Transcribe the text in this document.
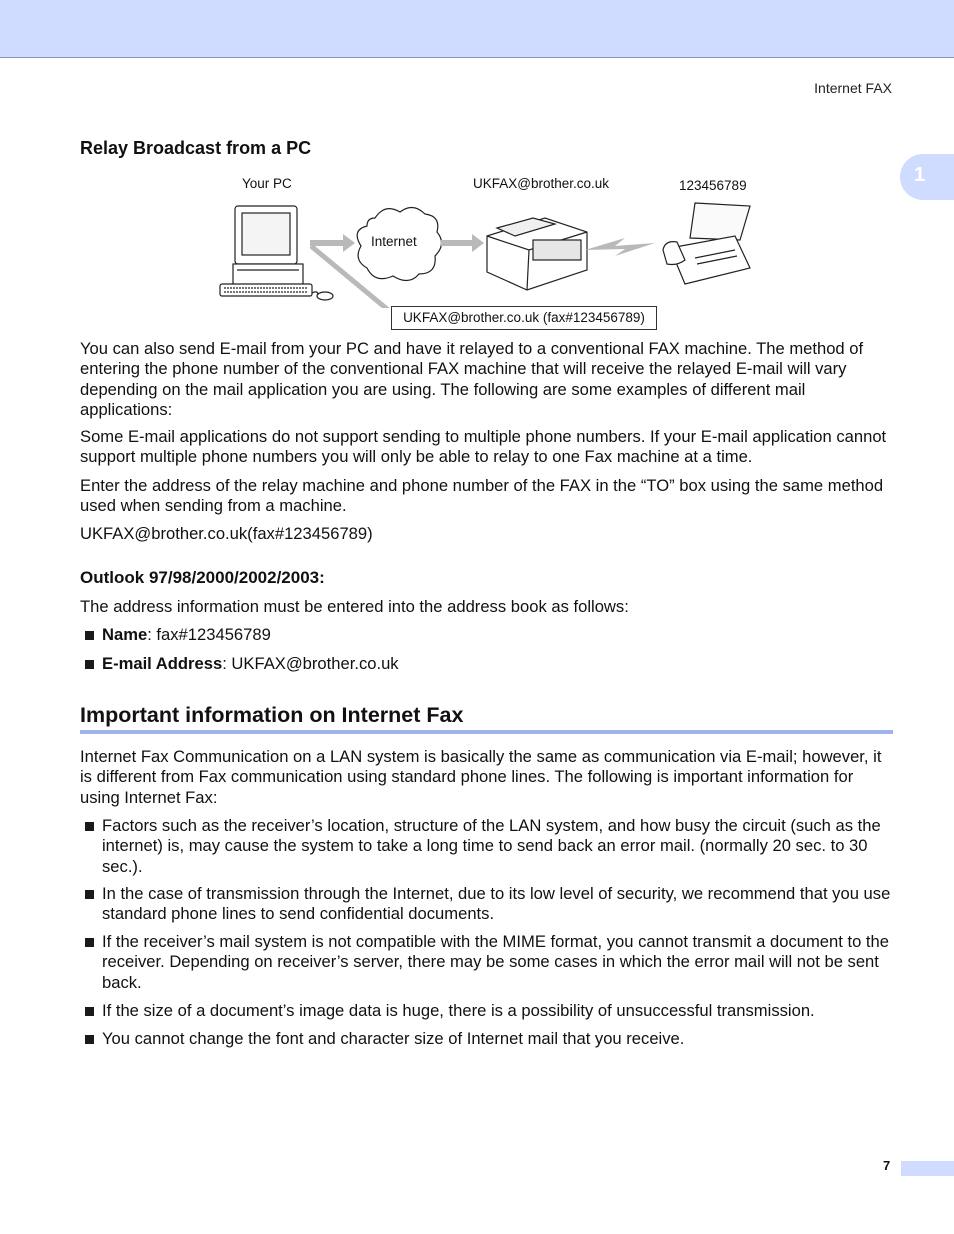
Internet FAX
1
Relay Broadcast from a PC
Your PC	UKFAX@brother.co.uk	123456789
Internet
UKFAX@brother.co.uk (fax#123456789)

You can also send E-mail from your PC and have it relayed to a conventional FAX machine. The method of entering the phone number of the conventional FAX machine that will receive the relayed E-mail will vary depending on the mail application you are using. The following are some examples of different mail applications:

Some E-mail applications do not support sending to multiple phone numbers. If your E-mail application cannot support multiple phone numbers you will only be able to relay to one Fax machine at a time.

Enter the address of the relay machine and phone number of the FAX in the “TO” box using the same method used when sending from a machine.

UKFAX@brother.co.uk(fax#123456789)

Outlook 97/98/2000/2002/2003:

The address information must be entered into the address book as follows:

Name: fax#123456789
E-mail Address: UKFAX@brother.co.uk
Important information on Internet Fax

Internet Fax Communication on a LAN system is basically the same as communication via E-mail; however, it is different from Fax communication using standard phone lines. The following is important information for using Internet Fax:

Factors such as the receiver’s location, structure of the LAN system, and how busy the circuit (such as the internet) is, may cause the system to take a long time to send back an error mail. (normally 20 sec. to 30 sec.).
In the case of transmission through the Internet, due to its low level of security, we recommend that you use standard phone lines to send confidential documents.
If the receiver’s mail system is not compatible with the MIME format, you cannot transmit a document to the receiver. Depending on receiver’s server, there may be some cases in which the error mail will not be sent back.
If the size of a document’s image data is huge, there is a possibility of unsuccessful transmission.
You cannot change the font and character size of Internet mail that you receive.
7
